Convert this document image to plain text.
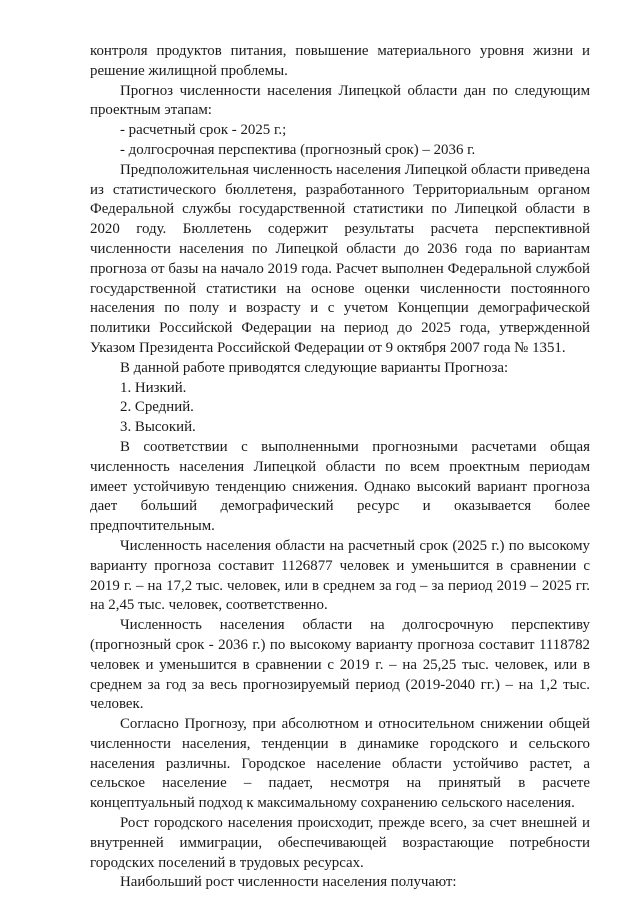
контроля продуктов питания, повышение материального уровня жизни и решение жилищной проблемы.

Прогноз численности населения Липецкой области дан по следующим проектным этапам:

- расчетный срок - 2025 г.;

- долгосрочная перспектива (прогнозный срок) – 2036 г.

Предположительная численность населения Липецкой области приведена из статистического бюллетеня, разработанного Территориальным органом Федеральной службы государственной статистики по Липецкой области в 2020 году. Бюллетень содержит результаты расчета перспективной численности населения по Липецкой области до 2036 года по вариантам прогноза от базы на начало 2019 года. Расчет выполнен Федеральной службой государственной статистики на основе оценки численности постоянного населения по полу и возрасту и с учетом Концепции демографической политики Российской Федерации на период до 2025 года, утвержденной Указом Президента Российской Федерации от 9 октября 2007 года № 1351.

В данной работе приводятся следующие варианты Прогноза:

1. Низкий.

2. Средний.

3. Высокий.

В соответствии с выполненными прогнозными расчетами общая численность населения Липецкой области по всем проектным периодам имеет устойчивую тенденцию снижения. Однако высокий вариант прогноза дает больший демографический ресурс и оказывается более предпочтительным.

Численность населения области на расчетный срок (2025 г.) по высокому варианту прогноза составит 1126877 человек и уменьшится в сравнении с 2019 г. – на 17,2 тыс. человек, или в среднем за год – за период 2019 – 2025 гг. на 2,45 тыс. человек, соответственно.

Численность населения области на долгосрочную перспективу (прогнозный срок - 2036 г.) по высокому варианту прогноза составит 1118782 человек и уменьшится в сравнении с 2019 г. – на 25,25 тыс. человек, или в среднем за год за весь прогнозируемый период (2019-2040 гг.) – на 1,2 тыс. человек.

Согласно Прогнозу, при абсолютном и относительном снижении общей численности населения, тенденции в динамике городского и сельского населения различны. Городское население области устойчиво растет, а сельское население – падает, несмотря на принятый в расчете концептуальный подход к максимальному сохранению сельского населения.

Рост городского населения происходит, прежде всего, за счет внешней и внутренней иммиграции, обеспечивающей возрастающие потребности городских поселений в трудовых ресурсах.

Наибольший рост численности населения получают:
